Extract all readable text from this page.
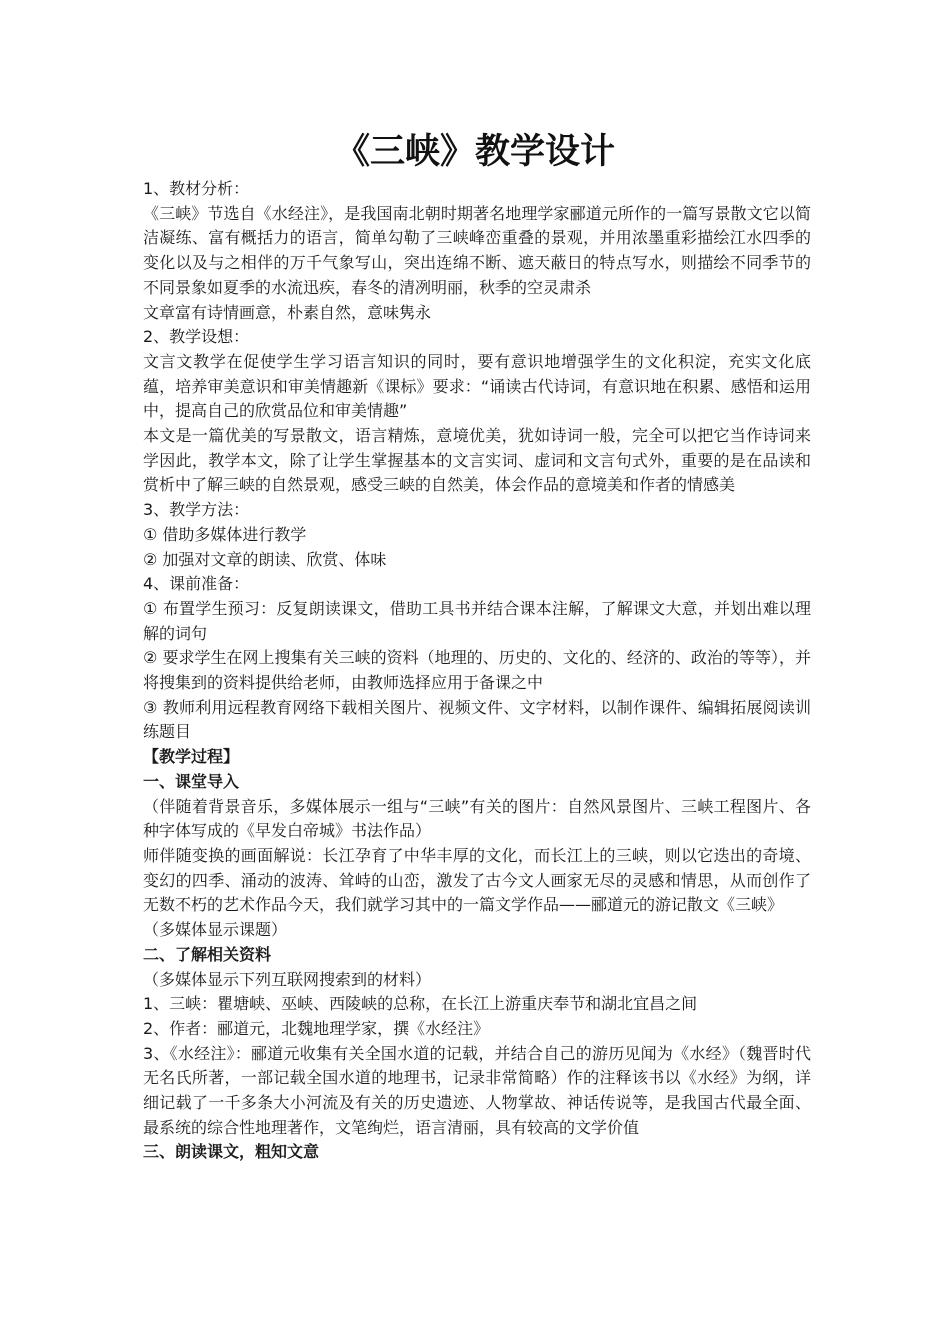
《三峡》教学设计

1、教材分析：

《三峡》节选自《水经注》，是我国南北朝时期著名地理学家郦道元所作的一篇写景散文它以简洁凝练、富有概括力的语言，简单勾勒了三峡峰峦重叠的景观，并用浓墨重彩描绘江水四季的变化以及与之相伴的万千气象写山，突出连绵不断、遮天蔽日的特点写水，则描绘不同季节的不同景象如夏季的水流迅疾，春冬的清冽明丽，秋季的空灵肃杀

文章富有诗情画意，朴素自然，意味隽永

2、教学设想：

文言文教学在促使学生学习语言知识的同时，要有意识地增强学生的文化积淀，充实文化底蕴，培养审美意识和审美情趣新《课标》要求：“诵读古代诗词，有意识地在积累、感悟和运用中，提高自己的欣赏品位和审美情趣”

本文是一篇优美的写景散文，语言精炼，意境优美，犹如诗词一般，完全可以把它当作诗词来学因此，教学本文，除了让学生掌握基本的文言实词、虚词和文言句式外，重要的是在品读和赏析中了解三峡的自然景观，感受三峡的自然美，体会作品的意境美和作者的情感美

3、教学方法：

① 借助多媒体进行教学

② 加强对文章的朗读、欣赏、体味

4、课前准备：

① 布置学生预习：反复朗读课文，借助工具书并结合课本注解，了解课文大意，并划出难以理解的词句

② 要求学生在网上搜集有关三峡的资料（地理的、历史的、文化的、经济的、政治的等等），并将搜集到的资料提供给老师，由教师选择应用于备课之中

③ 教师利用远程教育网络下载相关图片、视频文件、文字材料，以制作课件、编辑拓展阅读训练题目

【教学过程】

一、课堂导入

（伴随着背景音乐，多媒体展示一组与“三峡”有关的图片：自然风景图片、三峡工程图片、各种字体写成的《早发白帝城》书法作品）

师伴随变换的画面解说：长江孕育了中华丰厚的文化，而长江上的三峡，则以它迭出的奇境、变幻的四季、涌动的波涛、耸峙的山峦，激发了古今文人画家无尽的灵感和情思，从而创作了无数不朽的艺术作品今天，我们就学习其中的一篇文学作品——郦道元的游记散文《三峡》

（多媒体显示课题）

二、了解相关资料

（多媒体显示下列互联网搜索到的材料）

1、三峡：瞿塘峡、巫峡、西陵峡的总称，在长江上游重庆奉节和湖北宜昌之间

2、作者：郦道元，北魏地理学家，撰《水经注》

3、《水经注》：郦道元收集有关全国水道的记载，并结合自己的游历见闻为《水经》（魏晋时代无名氏所著，一部记载全国水道的地理书，记录非常简略）作的注释该书以《水经》为纲，详细记载了一千多条大小河流及有关的历史遗迹、人物掌故、神话传说等，是我国古代最全面、最系统的综合性地理著作，文笔绚烂，语言清丽，具有较高的文学价值

三、朗读课文，粗知文意
